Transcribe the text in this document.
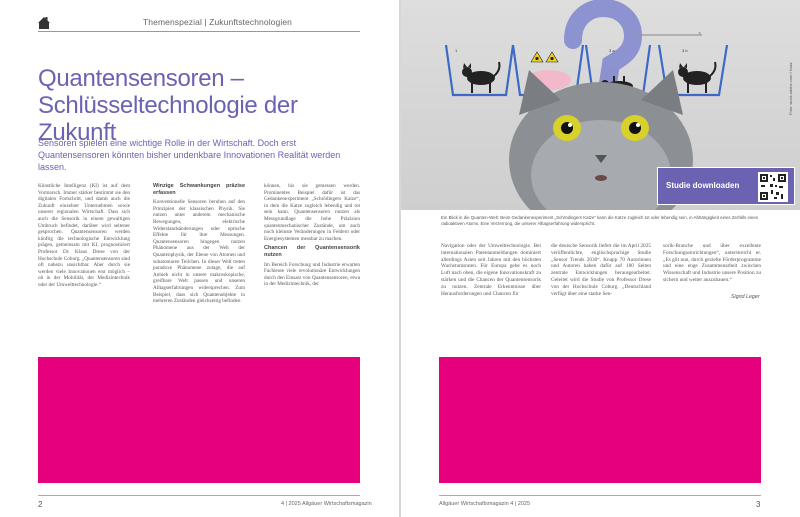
Themenspezial | Zukunftstechnologien
Quantensensoren –
Schlüsseltechnologie der Zukunft
Sensoren spielen eine wichtige Rolle in der Wirtschaft. Doch erst Quantensensoren könnten bisher undenkbare Innovationen Realität werden lassen.

Künstliche Intelligenz (KI) ist auf dem Vormarsch. Immer stärker bestimmt sie den digitalen Fortschritt, und damit auch die Zukunft einzelner Unternehmen sowie unserer regionalen Wirtschaft. Dass sich auch die Sensorik in einem gewaltigen Umbruch befindet, darüber wird seltener gesprochen. Quantensensoren werden künftig die technologische Entwicklung prägen, gemeinsam mit KI, prognostiziert Professor Dr. Klaus Drese von der Hochschule Coburg. „Quantensensoren sind oft nahezu unsichtbar. Aber durch sie werden viele Innovationen erst möglich – ob in der Mobilität, der Medizintechnik oder der Umwelttechnologie.“

Winzige Schwankungen präzise erfassen

Konventionelle Sensoren beruhen auf den Prinzipien der klassischen Physik. Sie nutzen unter anderem mechanische Bewegungen, elektrische Widerstandsänderungen oder optische Effekte für ihre Messungen. Quantensensoren hingegen nutzen Phänomene aus der Welt der Quantenphysik, der Ebene von Atomen und subatomaren Teilchen. In dieser Welt treten paradoxe Phänomene zutage, die auf Anhieb nicht in unsere makroskopische, greifbare Welt passen und unseren Alltagserfahrungen widersprechen. Zum Beispiel, dass sich Quantenobjekte in mehreren Zuständen gleichzeitig befinden

können, bis sie gemessen werden. Prominentes Beispiel dafür ist das Gedankenexperiment „Schrödingers Katze“, in dem die Katze zugleich lebendig und tot sein kann. Quantensensoren nutzen als Messgrundlage die hohe Präzision quantenmechanischer Zustände, um auch noch kleinste Veränderungen in Feldern oder Energiesystemen messbar zu machen.

Chancen der Quantensensorik nutzen

Im Bereich Forschung und Industrie erwarten Fachleute viele revolutionäre Entwicklungen durch den Einsatz von Quantensensoren, etwa in der Medizintechnik, der

2	4 | 2025 Allgäuer Wirtschaftsmagazin
1	3 b
3 a
Foto: stock.adobe.com / Xxxx
Studie downloaden
Ein Blick in die Quanten-Welt: Beim Gedankenexperiment „Schrödingers Katze“ kann die Katze zugleich tot oder lebendig sein, in Abhängigkeit eines Zerfalls eines radioaktiven Atoms. Eine Verzerrung, die unserer Alltagserfahrung widerspricht.

Navigation oder der Umwelttechnologie. Bei internationalen Patentanmeldungen dominiert allerdings Asien seit Jahren mit den höchsten Wachstumsraten. Für Europa gebe es noch Luft nach oben, die eigene Innovationskraft zu stärken und die Chancen der Quantensensorik zu nutzen. Zentrale Erkenntnisse über Herausforderungen und Chancen für

die deutsche Sensorik liefert die im April 2025 veröffentlichte, englischsprachige Studie „Sensor Trends 2030“. Knapp 70 Autorinnen und Autoren haben dafür auf 180 Seiten zentrale Entwicklungen herausgearbeitet. Geleitet wird die Studie von Professor Drese von der Hochschule Coburg. „Deutschland verfügt über eine starke Sen-

sorik-Branche und über exzellente Forschungseinrichtungen“, unterstreicht er. „Es gilt nun, durch gezielte Förderprogramme und eine enge Zusammenarbeit zwischen Wissenschaft und Industrie unsere Position zu sichern und weiter auszubauen.“

Sigrid Leger
Allgäuer Wirtschaftsmagazin 4 | 2025	3
